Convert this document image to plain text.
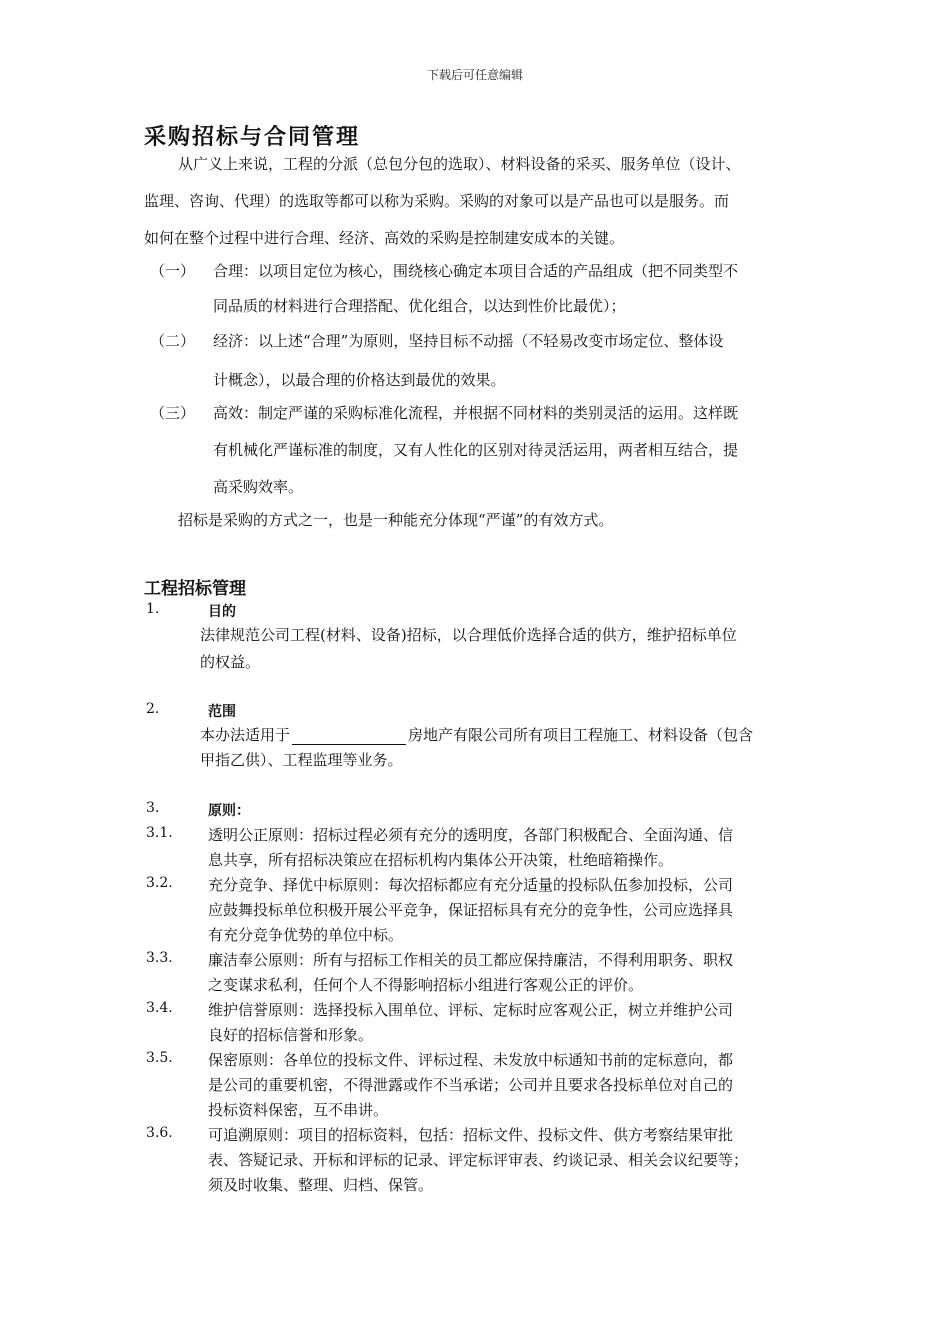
下载后可任意编辑
采购招标与合同管理
从广义上来说，工程的分派（总包分包的选取）、材料设备的采买、服务单位（设计、
监理、咨询、代理）的选取等都可以称为采购。采购的对象可以是产品也可以是服务。而
如何在整个过程中进行合理、经济、高效的采购是控制建安成本的关键。
（一） 合理：以项目定位为核心，围绕核心确定本项目合适的产品组成（把不同类型不
同品质的材料进行合理搭配、优化组合，以达到性价比最优）；
（二） 经济：以上述“合理”为原则，坚持目标不动摇（不轻易改变市场定位、整体设
计概念），以最合理的价格达到最优的效果。
（三） 高效：制定严谨的采购标准化流程，并根据不同材料的类别灵活的运用。这样既
有机械化严谨标准的制度，又有人性化的区别对待灵活运用，两者相互结合，提
高采购效率。
招标是采购的方式之一，也是一种能充分体现“严谨”的有效方式。
工程招标管理
1.	目的
法律规范公司工程(材料、设备)招标，以合理低价选择合适的供方，维护招标单位
的权益。
2.	范围
本办法适用于	房地产有限公司所有项目工程施工、材料设备（包含
甲指乙供）、工程监理等业务。
3.	原则：
3.1. 透明公正原则：招标过程必须有充分的透明度，各部门积极配合、全面沟通、信
息共享，所有招标决策应在招标机构内集体公开决策，杜绝暗箱操作。
3.2. 充分竞争、择优中标原则：每次招标都应有充分适量的投标队伍参加投标，公司
应鼓舞投标单位积极开展公平竞争，保证招标具有充分的竞争性，公司应选择具
有充分竞争优势的单位中标。
3.3. 廉洁奉公原则：所有与招标工作相关的员工都应保持廉洁，不得利用职务、职权
之变谋求私利，任何个人不得影响招标小组进行客观公正的评价。
3.4. 维护信誉原则：选择投标入围单位、评标、定标时应客观公正，树立并维护公司
良好的招标信誉和形象。
3.5. 保密原则：各单位的投标文件、评标过程、未发放中标通知书前的定标意向，都
是公司的重要机密，不得泄露或作不当承诺；公司并且要求各投标单位对自己的
投标资料保密，互不串讲。
3.6. 可追溯原则：项目的招标资料，包括：招标文件、投标文件、供方考察结果审批
表、答疑记录、开标和评标的记录、评定标评审表、约谈记录、相关会议纪要等；
须及时收集、整理、归档、保管。
